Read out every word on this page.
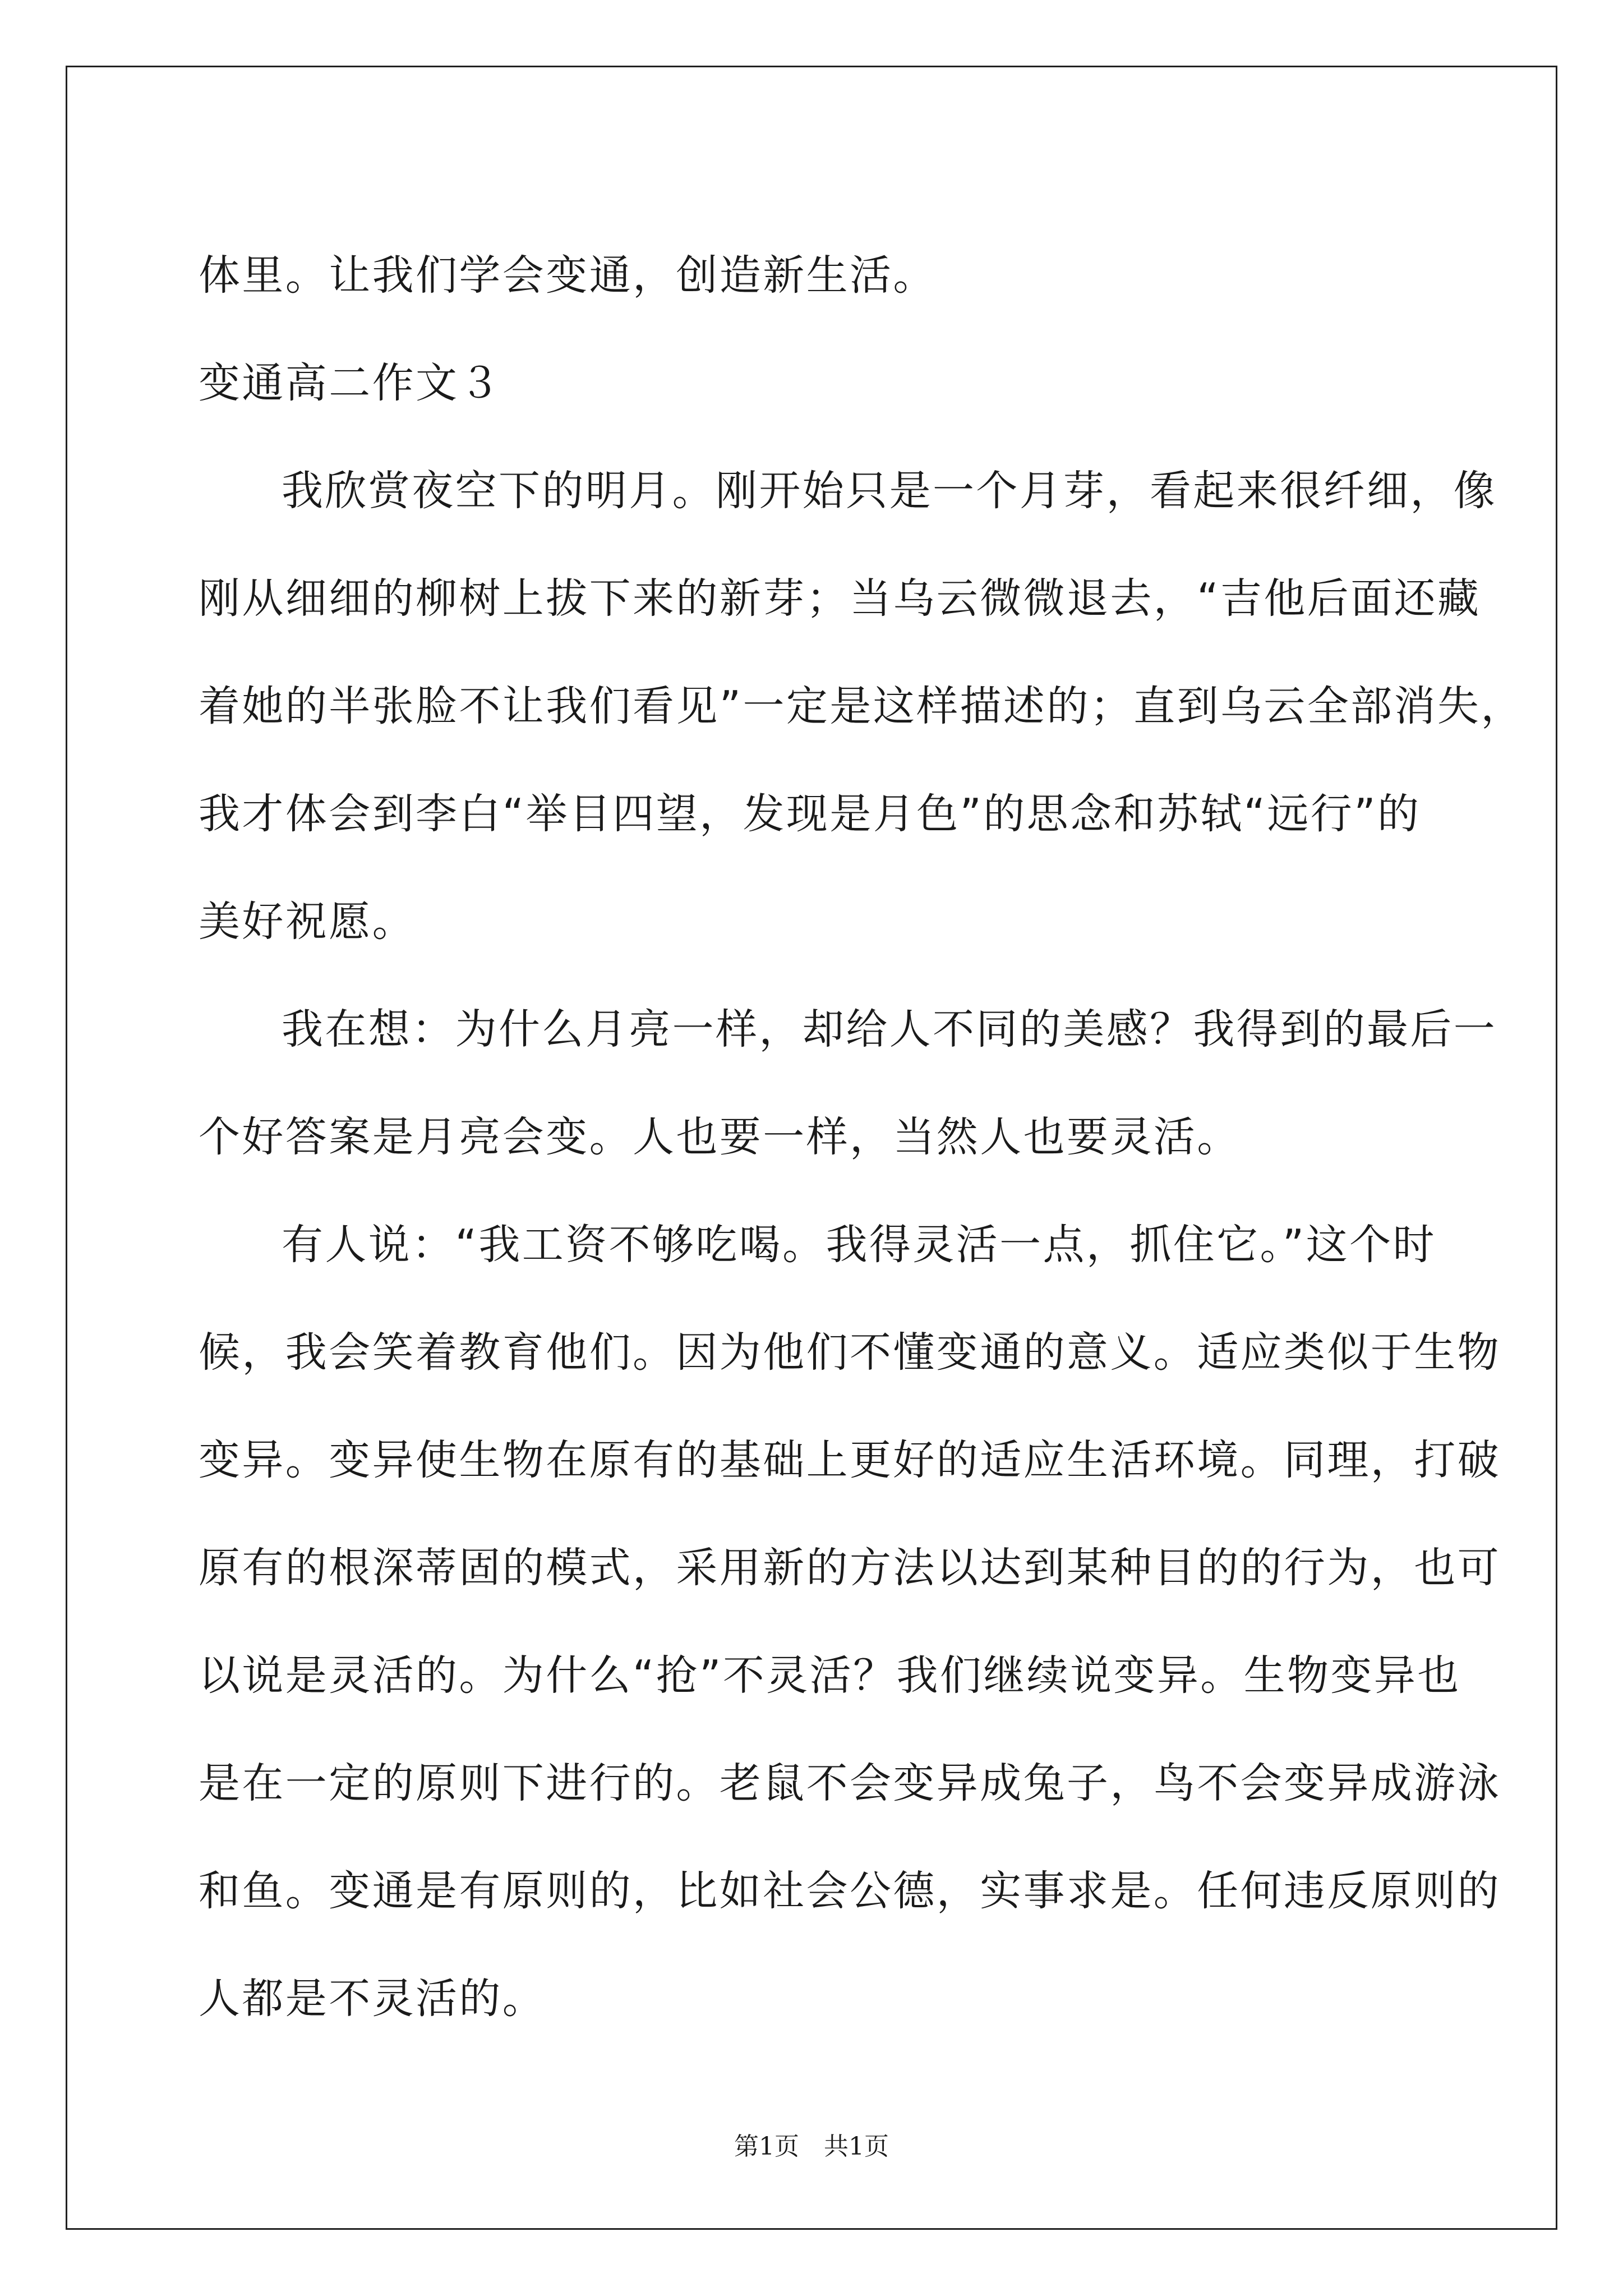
体里。让我们学会变通，创造新生活。
变通高二作文３
我欣赏夜空下的明月。刚开始只是一个月芽，看起来很纤细，像
刚从细细的柳树上拔下来的新芽；当乌云微微退去，“吉他后面还藏
着她的半张脸不让我们看见”一定是这样描述的；直到乌云全部消失，
我才体会到李白“举目四望，发现是月色”的思念和苏轼“远行”的
美好祝愿。
我在想：为什么月亮一样，却给人不同的美感？我得到的最后一
个好答案是月亮会变。人也要一样，当然人也要灵活。
有人说：“我工资不够吃喝。我得灵活一点，抓住它。”这个时
候，我会笑着教育他们。因为他们不懂变通的意义。适应类似于生物
变异。变异使生物在原有的基础上更好的适应生活环境。同理，打破
原有的根深蒂固的模式，采用新的方法以达到某种目的的行为，也可
以说是灵活的。为什么“抢”不灵活？我们继续说变异。生物变异也
是在一定的原则下进行的。老鼠不会变异成兔子，鸟不会变异成游泳
和鱼。变通是有原则的，比如社会公德，实事求是。任何违反原则的
人都是不灵活的。
第1页　共1页
